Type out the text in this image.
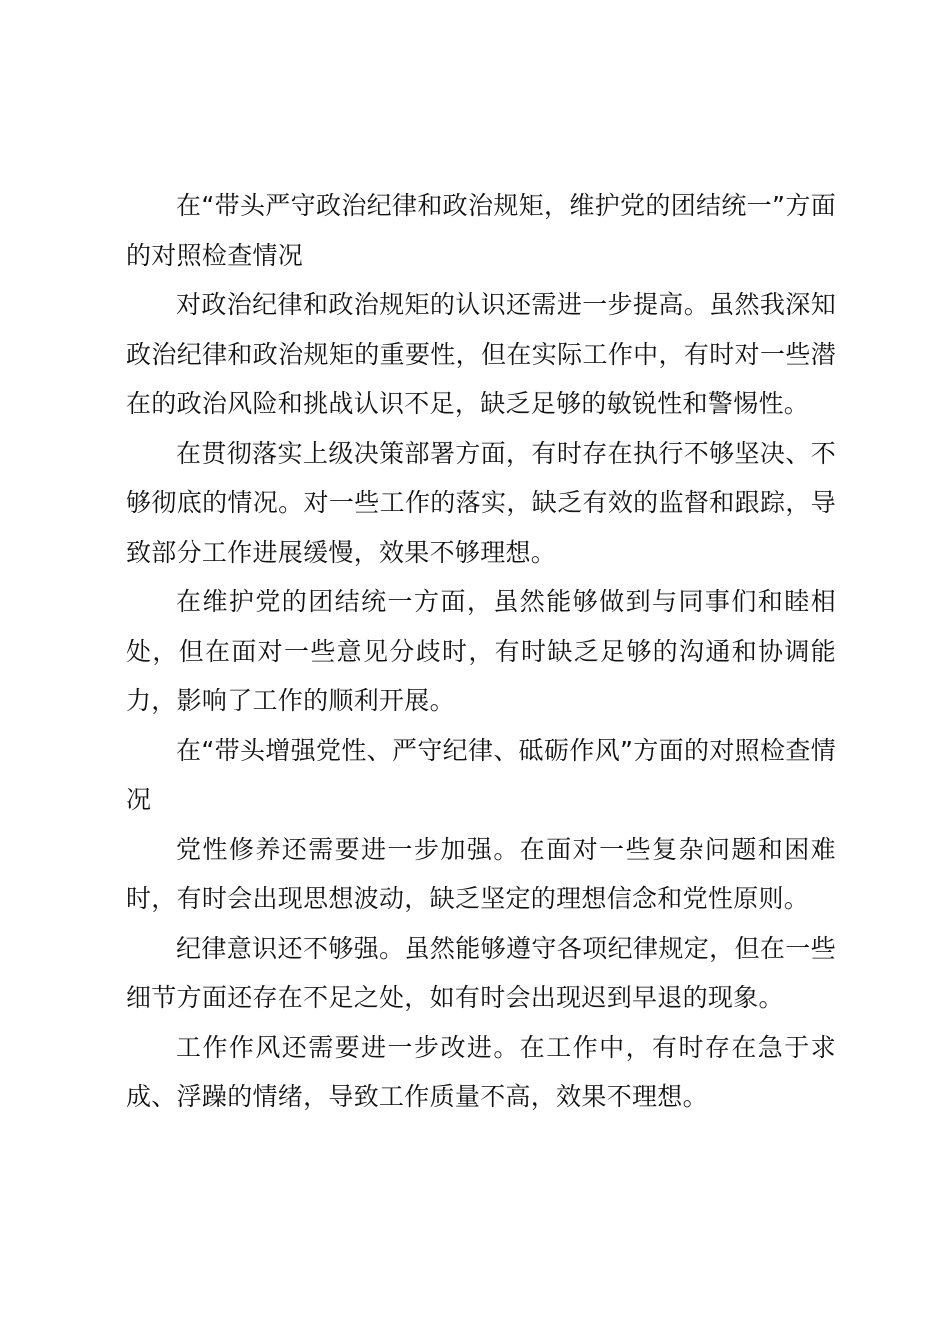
在“带头严守政治纪律和政治规矩，维护党的团结统一”方面的对照检查情况

对政治纪律和政治规矩的认识还需进一步提高。虽然我深知政治纪律和政治规矩的重要性，但在实际工作中，有时对一些潜在的政治风险和挑战认识不足，缺乏足够的敏锐性和警惕性。

在贯彻落实上级决策部署方面，有时存在执行不够坚决、不够彻底的情况。对一些工作的落实，缺乏有效的监督和跟踪，导致部分工作进展缓慢，效果不够理想。

在维护党的团结统一方面，虽然能够做到与同事们和睦相处，但在面对一些意见分歧时，有时缺乏足够的沟通和协调能力，影响了工作的顺利开展。

在“带头增强党性、严守纪律、砥砺作风”方面的对照检查情况

党性修养还需要进一步加强。在面对一些复杂问题和困难时，有时会出现思想波动，缺乏坚定的理想信念和党性原则。

纪律意识还不够强。虽然能够遵守各项纪律规定，但在一些细节方面还存在不足之处，如有时会出现迟到早退的现象。

工作作风还需要进一步改进。在工作中，有时存在急于求成、浮躁的情绪，导致工作质量不高，效果不理想。
